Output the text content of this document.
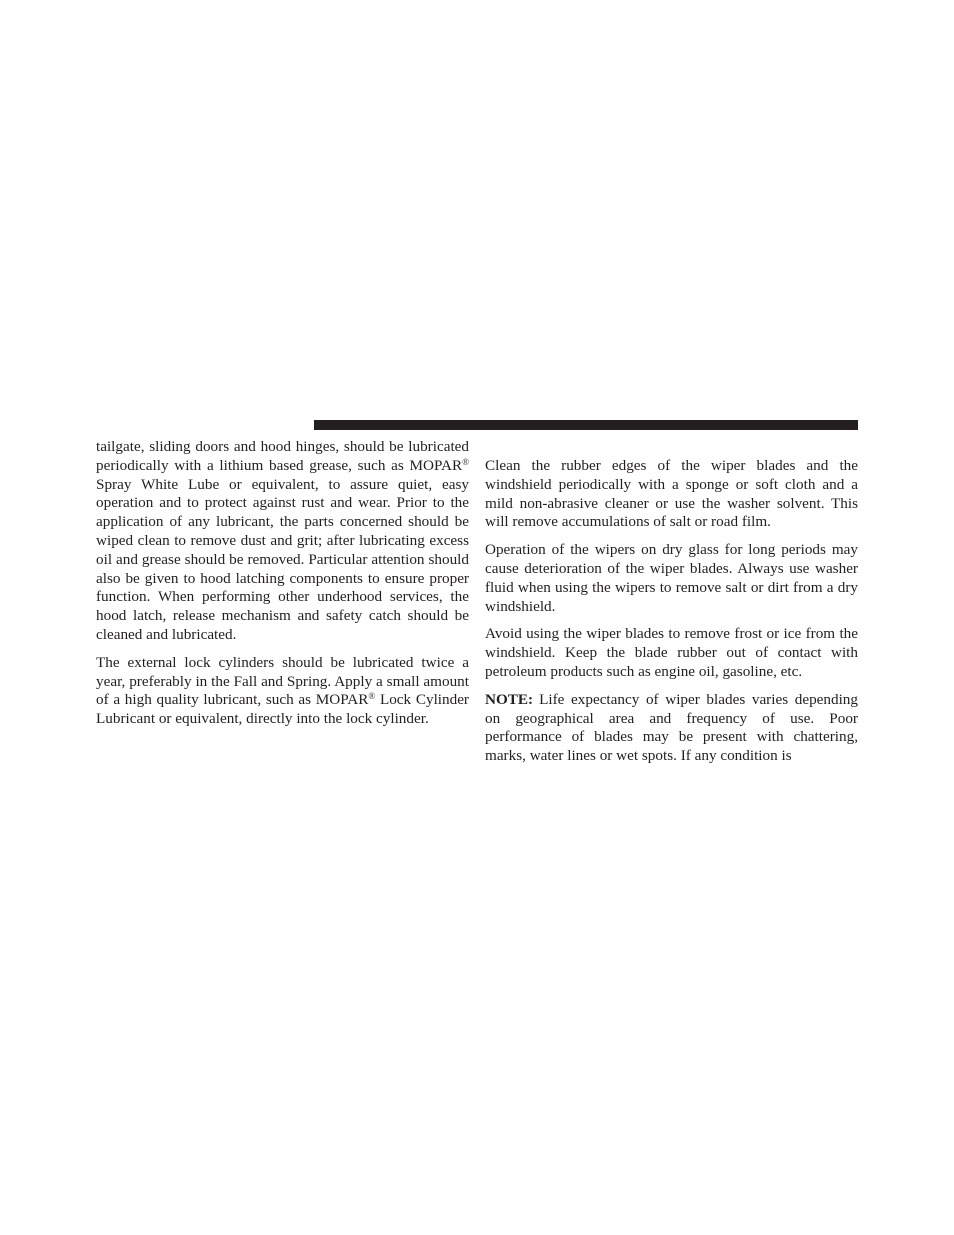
tailgate, sliding doors and hood hinges, should be lubricated periodically with a lithium based grease, such as MOPAR® Spray White Lube or equivalent, to assure quiet, easy operation and to protect against rust and wear. Prior to the application of any lubricant, the parts concerned should be wiped clean to remove dust and grit; after lubricating excess oil and grease should be removed. Particular attention should also be given to hood latching components to ensure proper function. When performing other underhood services, the hood latch, release mechanism and safety catch should be cleaned and lubricated.

The external lock cylinders should be lubricated twice a year, preferably in the Fall and Spring. Apply a small amount of a high quality lubricant, such as MOPAR® Lock Cylinder Lubricant or equivalent, directly into the lock cylinder.

Clean the rubber edges of the wiper blades and the windshield periodically with a sponge or soft cloth and a mild non-abrasive cleaner or use the washer solvent. This will remove accumulations of salt or road film.

Operation of the wipers on dry glass for long periods may cause deterioration of the wiper blades. Always use washer fluid when using the wipers to remove salt or dirt from a dry windshield.

Avoid using the wiper blades to remove frost or ice from the windshield. Keep the blade rubber out of contact with petroleum products such as engine oil, gasoline, etc.

NOTE: Life expectancy of wiper blades varies depending on geographical area and frequency of use. Poor performance of blades may be present with chattering, marks, water lines or wet spots. If any condition is
